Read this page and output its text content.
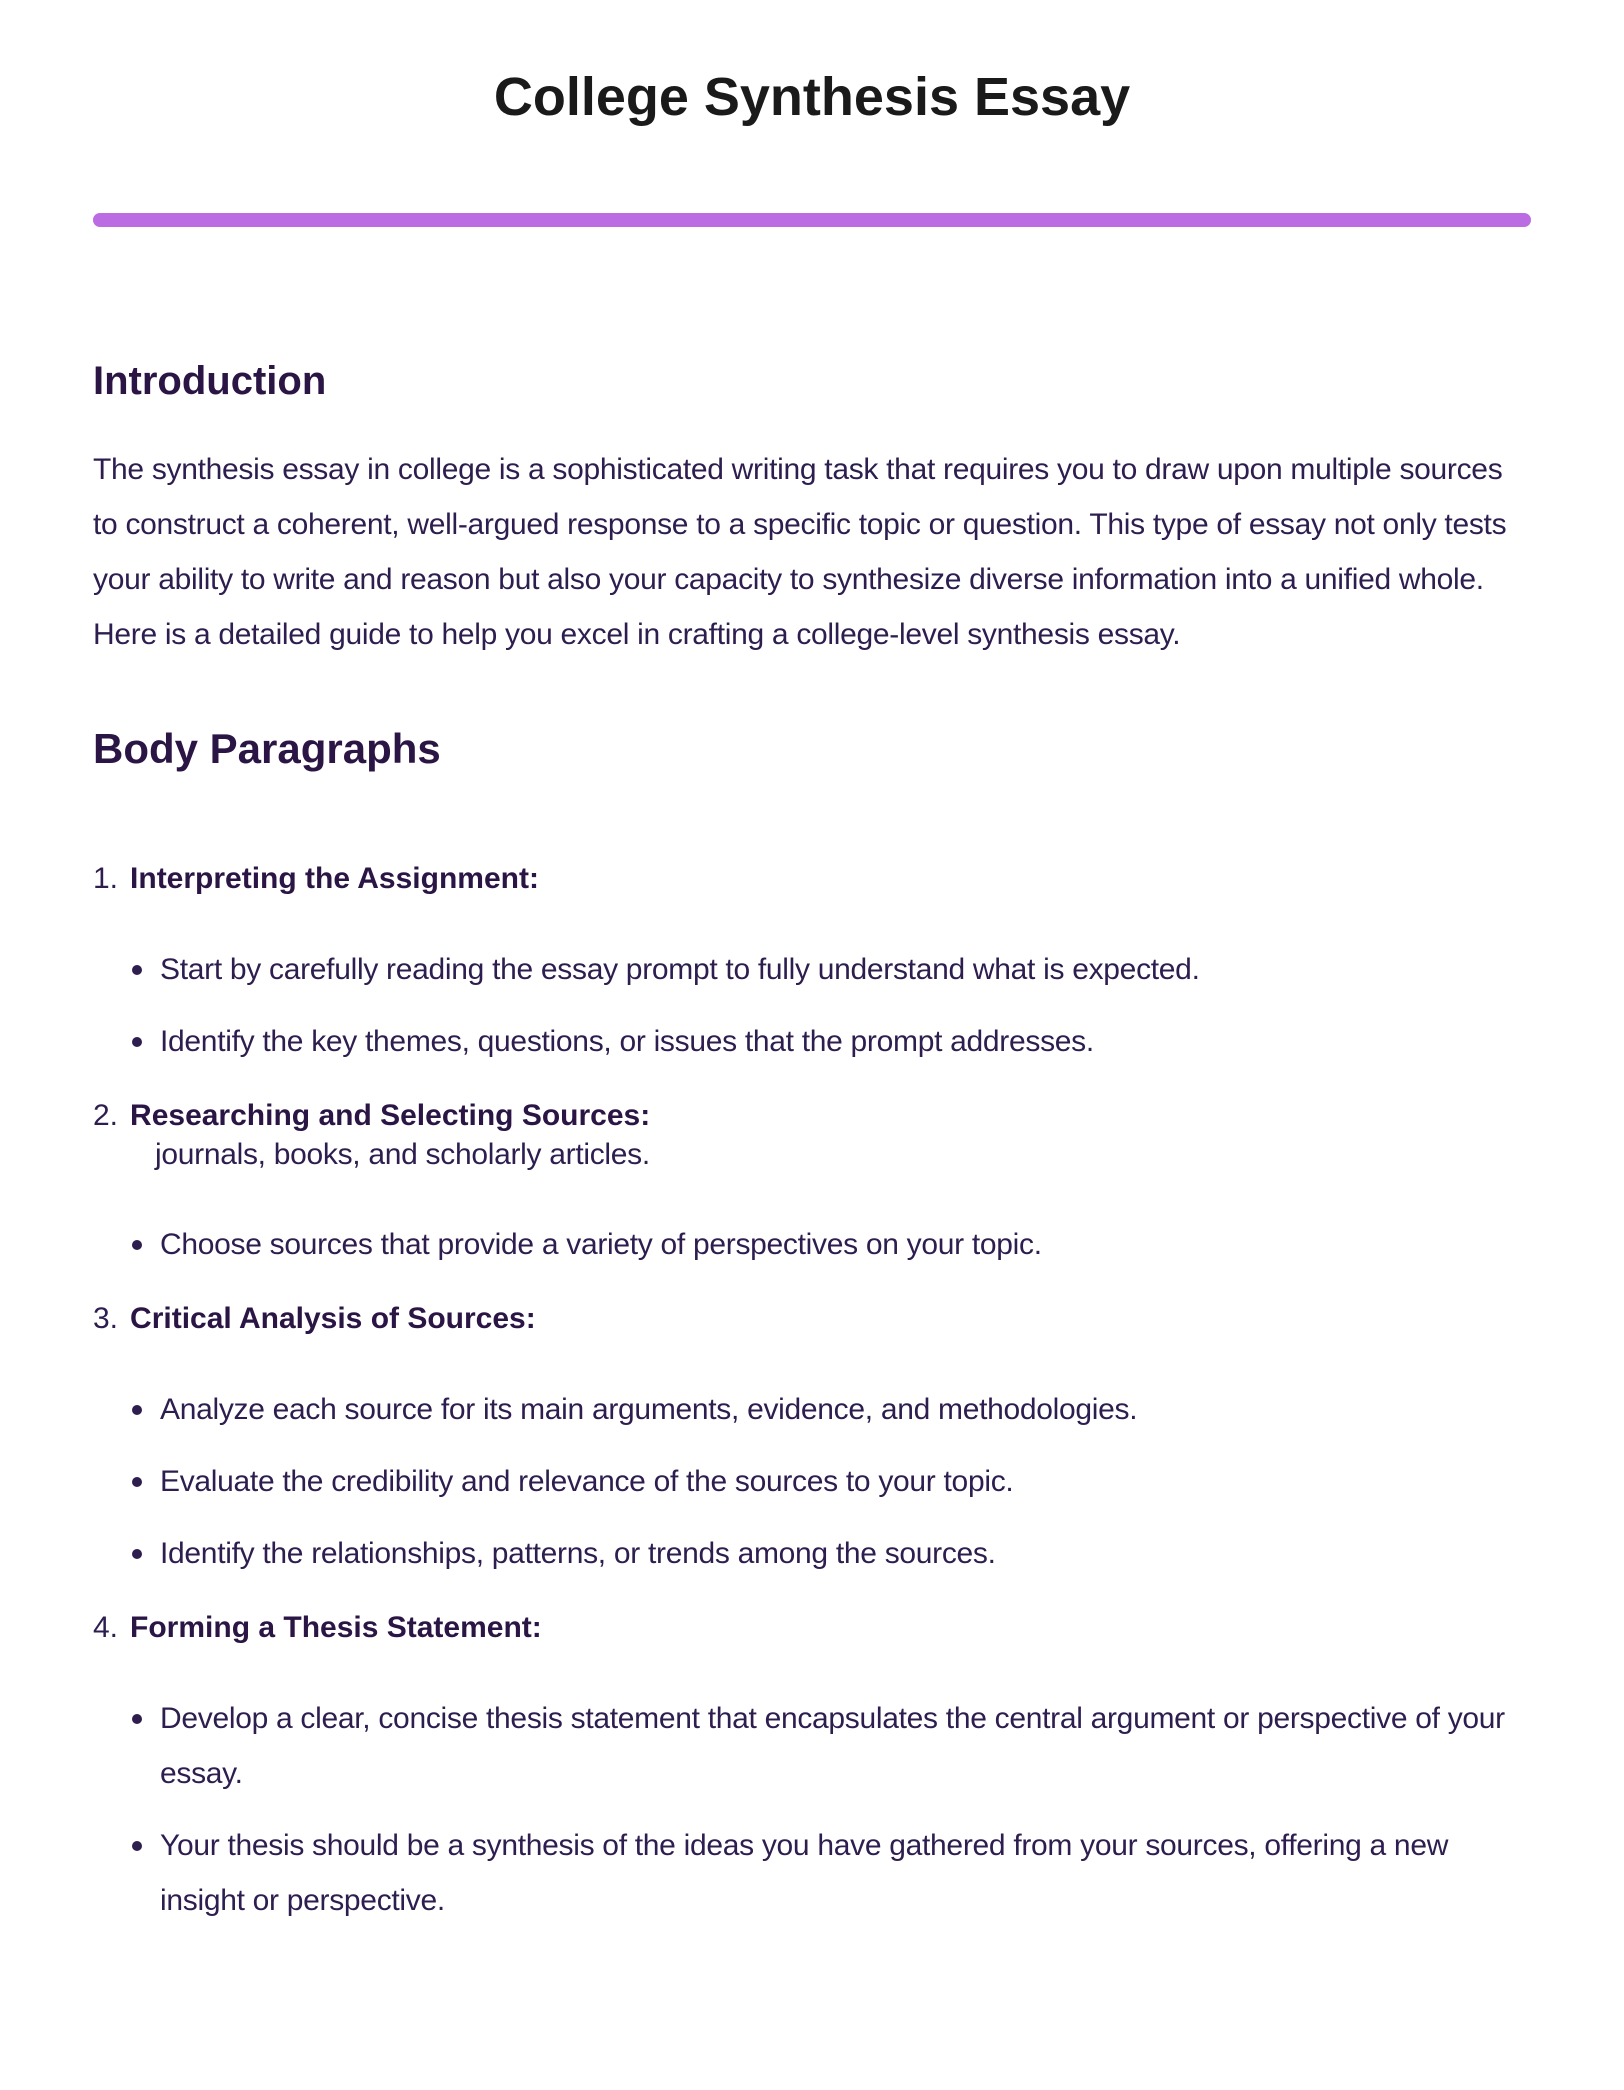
College Synthesis Essay
Introduction

The synthesis essay in college is a sophisticated writing task that requires you to draw upon multiple sources to construct a coherent, well-argued response to a specific topic or question. This type of essay not only tests your ability to write and reason but also your capacity to synthesize diverse information into a unified whole. Here is a detailed guide to help you excel in crafting a college-level synthesis essay.

Body Paragraphs
1. Interpreting the Assignment:
Start by carefully reading the essay prompt to fully understand what is expected.
Identify the key themes, questions, or issues that the prompt addresses.
2. Researching and Selecting Sources:
journals, books, and scholarly articles.
Choose sources that provide a variety of perspectives on your topic.
3. Critical Analysis of Sources:
Analyze each source for its main arguments, evidence, and methodologies.
Evaluate the credibility and relevance of the sources to your topic.
Identify the relationships, patterns, or trends among the sources.
4. Forming a Thesis Statement:
Develop a clear, concise thesis statement that encapsulates the central argument or perspective of your essay.
Your thesis should be a synthesis of the ideas you have gathered from your sources, offering a new insight or perspective.
